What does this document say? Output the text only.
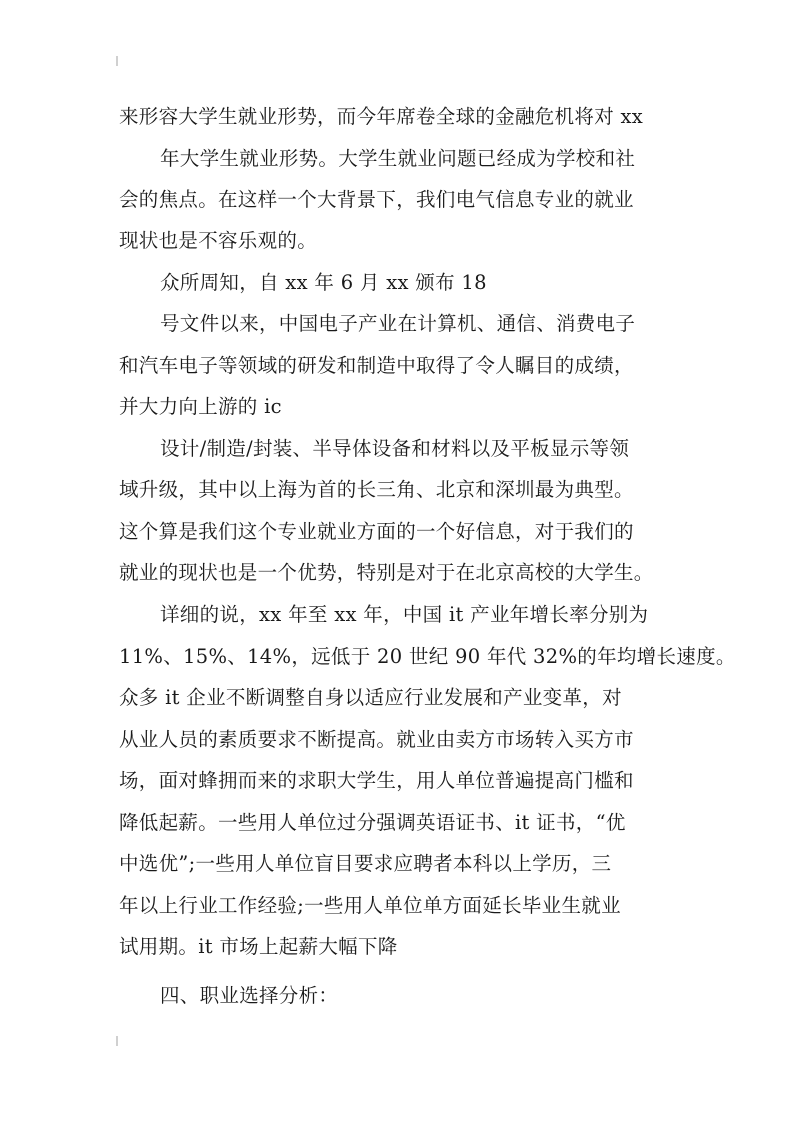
来形容大学生就业形势，而今年席卷全球的金融危机将对 xx
年大学生就业形势。大学生就业问题已经成为学校和社
会的焦点。在这样一个大背景下，我们电气信息专业的就业
现状也是不容乐观的。
众所周知，自 xx 年 6 月 xx 颁布 18
号文件以来，中国电子产业在计算机、通信、消费电子
和汽车电子等领域的研发和制造中取得了令人瞩目的成绩，
并大力向上游的 ic
设计/制造/封装、半导体设备和材料以及平板显示等领
域升级，其中以上海为首的长三角、北京和深圳最为典型。
这个算是我们这个专业就业方面的一个好信息，对于我们的
就业的现状也是一个优势，特别是对于在北京高校的大学生。
详细的说，xx 年至 xx 年，中国 it 产业年增长率分别为
11%、15%、14%，远低于 20 世纪 90 年代 32%的年均增长速度。
众多 it 企业不断调整自身以适应行业发展和产业变革，对
从业人员的素质要求不断提高。就业由卖方市场转入买方市
场，面对蜂拥而来的求职大学生，用人单位普遍提高门槛和
降低起薪。一些用人单位过分强调英语证书、it 证书，“优
中选优”;一些用人单位盲目要求应聘者本科以上学历，三
年以上行业工作经验;一些用人单位单方面延长毕业生就业
试用期。it 市场上起薪大幅下降
四、职业选择分析：
